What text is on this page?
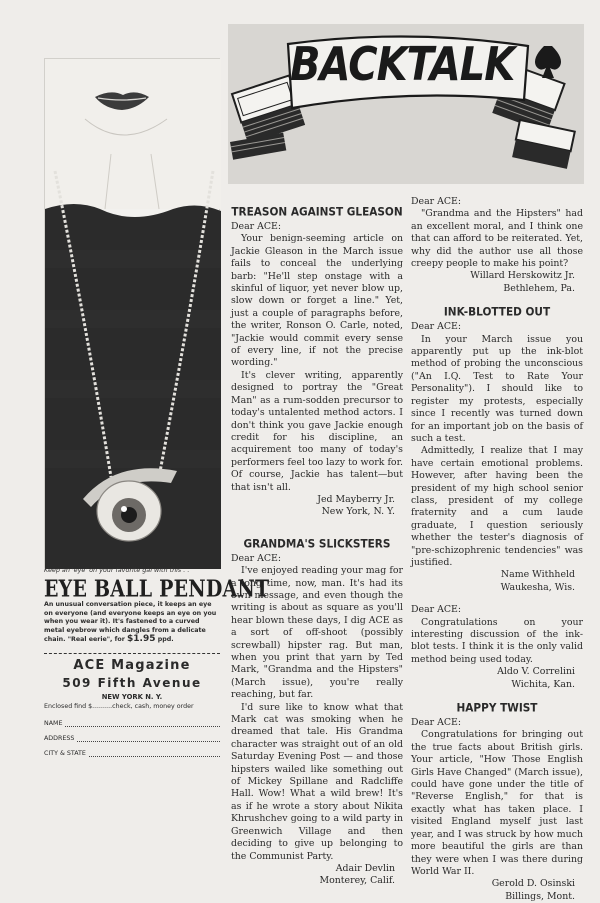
Keep an 'eye' on your favorite gal with this . .
EYE BALL PENDANT
An unusual conversation piece, it keeps an eye on everyone (and everyone keeps an eye on you when you wear it). It's fastened to a curved metal eyebrow which dangles from a delicate chain. "Real eerie", for $1.95 ppd.
ACE Magazine
509 Fifth Avenue
NEW YORK N. Y.
Enclosed find $..........check, cash, money order
NAME
ADDRESS
CITY & STATE
BACKTALK
TREASON AGAINST GLEASON
Dear ACE:

Your benign-seeming article on Jackie Gleason in the March issue fails to conceal the underlying barb: "He'll step onstage with a skinful of liquor, yet never blow up, slow down or forget a line." Yet, just a couple of paragraphs before, the writer, Ronson O. Carle, noted, "Jackie would commit every sense of every line, if not the precise wording."

It's clever writing, apparently designed to portray the "Great Man" as a rum-sodden precursor to today's untalented method actors. I don't think you gave Jackie enough credit for his discipline, an acquirement too many of today's performers feel too lazy to work for. Of course, Jackie has talent—but that isn't all.

Jed Mayberry Jr.
New York, N. Y.
GRANDMA'S SLICKSTERS
Dear ACE:

I've enjoyed reading your mag for a long time, now, man. It's had its own message, and even though the writing is about as square as you'll hear blown these days, I dig ACE as a sort of off-shoot (possibly screwball) hipster rag. But man, when you print that yarn by Ted Mark, "Grandma and the Hipsters" (March issue), you're really reaching, but far.

I'd sure like to know what that Mark cat was smoking when he dreamed that tale. His Grandma character was straight out of an old Saturday Evening Post — and those hipsters wailed like something out of Mickey Spillane and Radcliffe Hall. Wow! What a wild brew! It's as if he wrote a story about Nikita Khrushchev going to a wild party in Greenwich Village and then deciding to give up belonging to the Communist Party.

Adair Devlin
Monterey, Calif.
Dear ACE:

"Grandma and the Hipsters" had an excellent moral, and I think one that can afford to be reiterated. Yet, why did the author use all those creepy people to make his point?

Willard Herskowitz Jr.
Bethlehem, Pa.
INK-BLOTTED OUT
Dear ACE:

In your March issue you apparently put up the ink-blot method of probing the unconscious ("An I.Q. Test to Rate Your Personality"). I should like to register my protests, especially since I recently was turned down for an important job on the basis of such a test.

Admittedly, I realize that I may have certain emotional problems. However, after having been the president of my high school senior class, president of my college fraternity and a cum laude graduate, I question seriously whether the tester's diagnosis of "pre-schizophrenic tendencies" was justified.

Name Withheld
Waukesha, Wis.
Dear ACE:

Congratulations on your interesting discussion of the ink-blot tests. I think it is the only valid method being used today.

Aldo V. Correlini
Wichita, Kan.
HAPPY TWIST
Dear ACE:

Congratulations for bringing out the true facts about British girls. Your article, "How Those English Girls Have Changed" (March issue), could have gone under the title of "Reverse English," for that is exactly what has taken place. I visited England myself just last year, and I was struck by how much more beautiful the girls are than they were when I was there during World War II.

Gerold D. Osinski
Billings, Mont.
